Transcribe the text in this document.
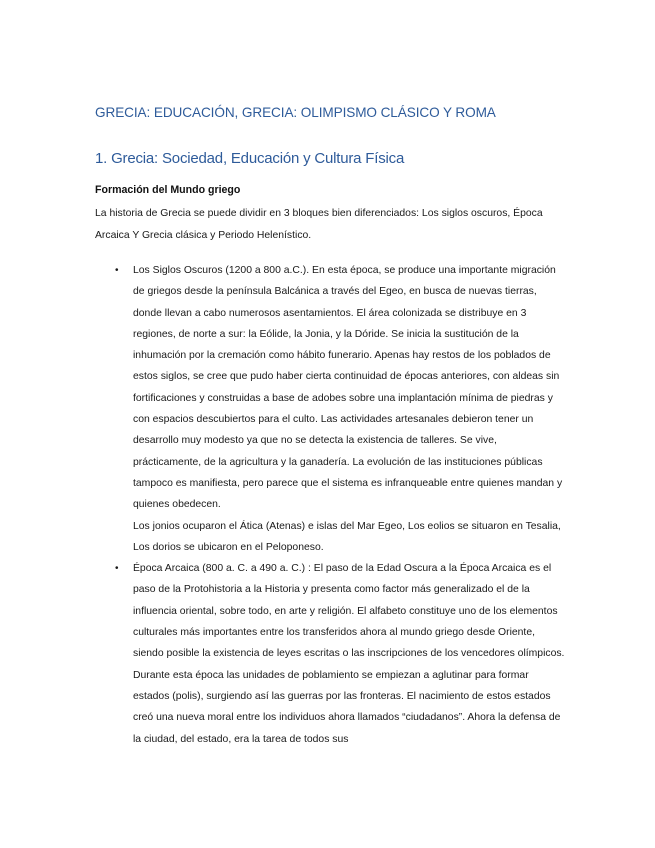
GRECIA: EDUCACIÓN, GRECIA: OLIMPISMO CLÁSICO Y ROMA
1. Grecia: Sociedad, Educación y Cultura Física
Formación del Mundo griego

La historia de Grecia se puede dividir en 3 bloques bien diferenciados: Los siglos oscuros, Época Arcaica Y Grecia clásica y Periodo Helenístico.

• Los Siglos Oscuros (1200 a 800 a.C.). En esta época, se produce una importante migración de griegos desde la península Balcánica a través del Egeo, en busca de nuevas tierras, donde llevan a cabo numerosos asentamientos. El área colonizada se distribuye en 3 regiones, de norte a sur: la Eólide, la Jonia, y la Dóride. Se inicia la sustitución de la inhumación por la cremación como hábito funerario. Apenas hay restos de los poblados de estos siglos, se cree que pudo haber cierta continuidad de épocas anteriores, con aldeas sin fortificaciones y construidas a base de adobes sobre una implantación mínima de piedras y con espacios descubiertos para el culto. Las actividades artesanales debieron tener un desarrollo muy modesto ya que no se detecta la existencia de talleres. Se vive, prácticamente, de la agricultura y la ganadería. La evolución de las instituciones públicas tampoco es manifiesta, pero parece que el sistema es infranqueable entre quienes mandan y quienes obedecen.
Los jonios ocuparon el Ática (Atenas) e islas del Mar Egeo, Los eolios se situaron en Tesalia, Los dorios se ubicaron en el Peloponeso.
• Época Arcaica (800 a. C. a 490 a. C.) : El paso de la Edad Oscura a la Época Arcaica es el paso de la Protohistoria a la Historia y presenta como factor más generalizado el de la influencia oriental, sobre todo, en arte y religión. El alfabeto constituye uno de los elementos culturales más importantes entre los transferidos ahora al mundo griego desde Oriente, siendo posible la existencia de leyes escritas o las inscripciones de los vencedores olímpicos. Durante esta época las unidades de poblamiento se empiezan a aglutinar para formar estados (polis), surgiendo así las guerras por las fronteras. El nacimiento de estos estados creó una nueva moral entre los individuos ahora llamados “ciudadanos”. Ahora la defensa de la ciudad, del estado, era la tarea de todos sus
